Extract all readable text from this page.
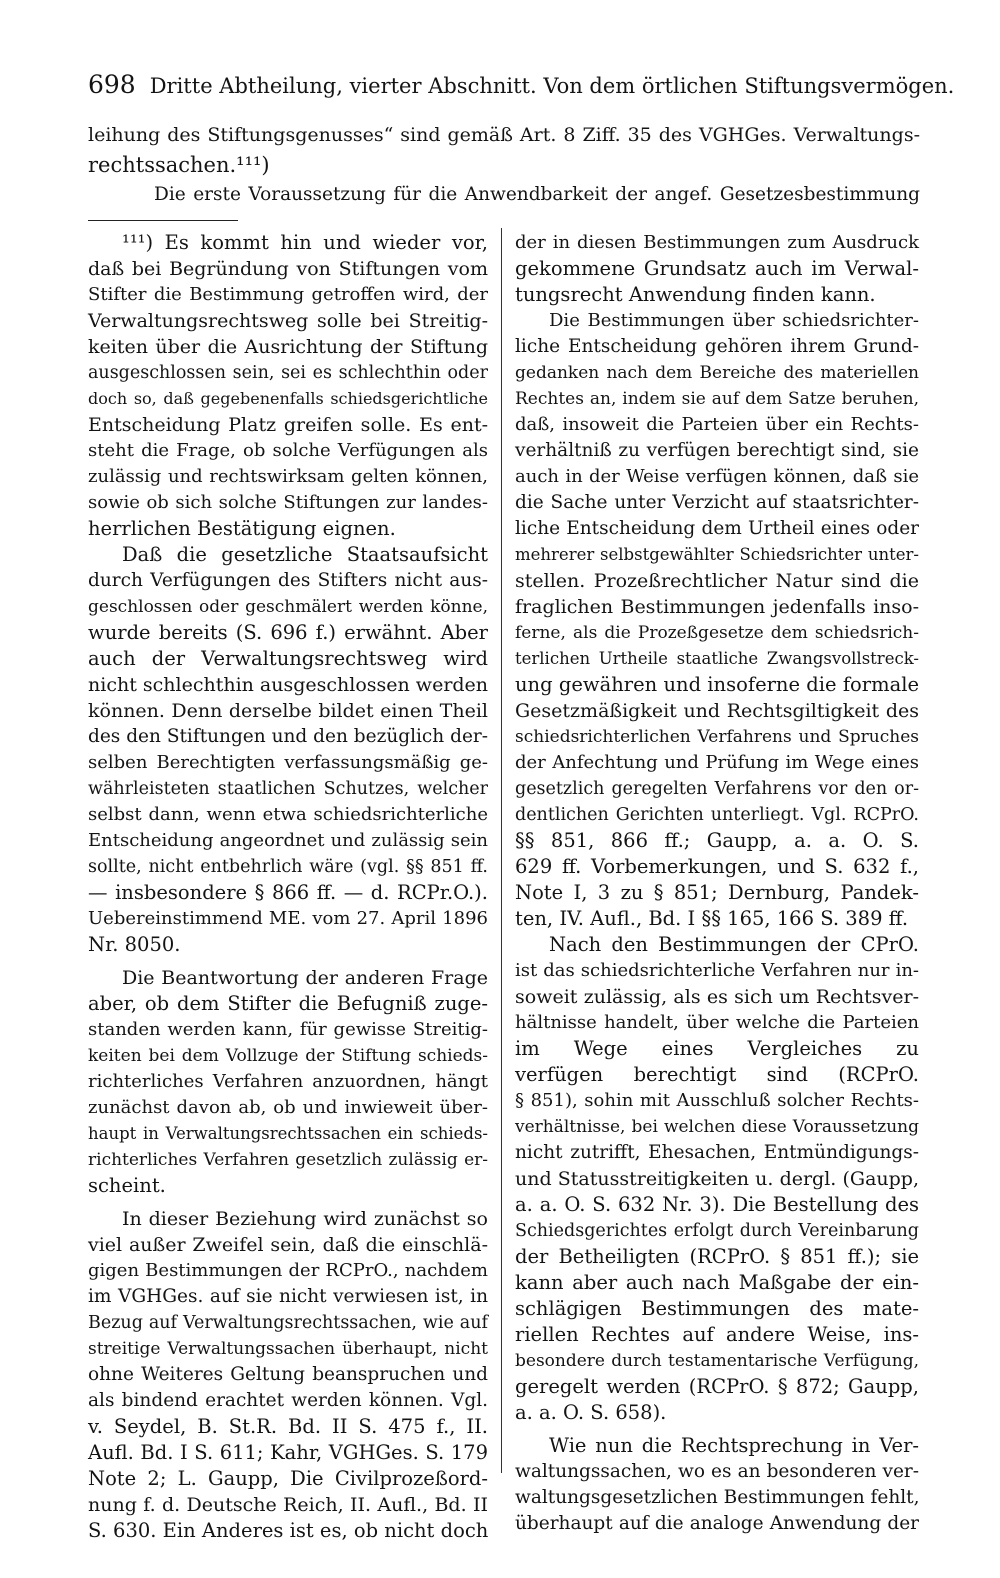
698 Dritte Abtheilung, vierter Abschnitt. Von dem örtlichen Stiftungsvermögen.
leihung des Stiftungsgenusses“ sind gemäß Art. 8 Ziff. 35 des VGHGes. Verwaltungs-
rechtssachen.¹¹¹)
Die erste Voraussetzung für die Anwendbarkeit der angef. Gesetzesbestimmung
¹¹¹) Es kommt hin und wieder vor,
daß bei Begründung von Stiftungen vom
Stifter die Bestimmung getroffen wird, der
Verwaltungsrechtsweg solle bei Streitig-
keiten über die Ausrichtung der Stiftung
ausgeschlossen sein, sei es schlechthin oder
doch so, daß gegebenenfalls schiedsgerichtliche
Entscheidung Platz greifen solle. Es ent-
steht die Frage, ob solche Verfügungen als
zulässig und rechtswirksam gelten können,
sowie ob sich solche Stiftungen zur landes-
herrlichen Bestätigung eignen.
Daß die gesetzliche Staatsaufsicht
durch Verfügungen des Stifters nicht aus-
geschlossen oder geschmälert werden könne,
wurde bereits (S. 696 f.) erwähnt. Aber
auch der Verwaltungsrechtsweg wird
nicht schlechthin ausgeschlossen werden
können. Denn derselbe bildet einen Theil
des den Stiftungen und den bezüglich der-
selben Berechtigten verfassungsmäßig ge-
währleisteten staatlichen Schutzes, welcher
selbst dann, wenn etwa schiedsrichterliche
Entscheidung angeordnet und zulässig sein
sollte, nicht entbehrlich wäre (vgl. §§ 851 ff.
— insbesondere § 866 ff. — d. RCPr.O.).
Uebereinstimmend ME. vom 27. April 1896
Nr. 8050.
Die Beantwortung der anderen Frage
aber, ob dem Stifter die Befugniß zuge-
standen werden kann, für gewisse Streitig-
keiten bei dem Vollzuge der Stiftung schieds-
richterliches Verfahren anzuordnen, hängt
zunächst davon ab, ob und inwieweit über-
haupt in Verwaltungsrechtssachen ein schieds-
richterliches Verfahren gesetzlich zulässig er-
scheint.
In dieser Beziehung wird zunächst so
viel außer Zweifel sein, daß die einschlä-
gigen Bestimmungen der RCPrO., nachdem
im VGHGes. auf sie nicht verwiesen ist, in
Bezug auf Verwaltungsrechtssachen, wie auf
streitige Verwaltungssachen überhaupt, nicht
ohne Weiteres Geltung beanspruchen und
als bindend erachtet werden können. Vgl.
v. Seydel, B. St.R. Bd. II S. 475 f., II.
Aufl. Bd. I S. 611; Kahr, VGHGes. S. 179
Note 2; L. Gaupp, Die Civilprozeßord-
nung f. d. Deutsche Reich, II. Aufl., Bd. II
S. 630. Ein Anderes ist es, ob nicht doch
der in diesen Bestimmungen zum Ausdruck
gekommene Grundsatz auch im Verwal-
tungsrecht Anwendung finden kann.
Die Bestimmungen über schiedsrichter-
liche Entscheidung gehören ihrem Grund-
gedanken nach dem Bereiche des materiellen
Rechtes an, indem sie auf dem Satze beruhen,
daß, insoweit die Parteien über ein Rechts-
verhältniß zu verfügen berechtigt sind, sie
auch in der Weise verfügen können, daß sie
die Sache unter Verzicht auf staatsrichter-
liche Entscheidung dem Urtheil eines oder
mehrerer selbstgewählter Schiedsrichter unter-
stellen. Prozeßrechtlicher Natur sind die
fraglichen Bestimmungen jedenfalls inso-
ferne, als die Prozeßgesetze dem schiedsrich-
terlichen Urtheile staatliche Zwangsvollstreck-
ung gewähren und insoferne die formale
Gesetzmäßigkeit und Rechtsgiltigkeit des
schiedsrichterlichen Verfahrens und Spruches
der Anfechtung und Prüfung im Wege eines
gesetzlich geregelten Verfahrens vor den or-
dentlichen Gerichten unterliegt. Vgl. RCPrO.
§§ 851, 866 ff.; Gaupp, a. a. O. S.
629 ff. Vorbemerkungen, und S. 632 f.,
Note I, 3 zu § 851; Dernburg, Pandek-
ten, IV. Aufl., Bd. I §§ 165, 166 S. 389 ff.
Nach den Bestimmungen der CPrO.
ist das schiedsrichterliche Verfahren nur in-
soweit zulässig, als es sich um Rechtsver-
hältnisse handelt, über welche die Parteien
im Wege eines Vergleiches zu
verfügen berechtigt sind (RCPrO.
§ 851), sohin mit Ausschluß solcher Rechts-
verhältnisse, bei welchen diese Voraussetzung
nicht zutrifft, Ehesachen, Entmündigungs-
und Statusstreitigkeiten u. dergl. (Gaupp,
a. a. O. S. 632 Nr. 3). Die Bestellung des
Schiedsgerichtes erfolgt durch Vereinbarung
der Betheiligten (RCPrO. § 851 ff.); sie
kann aber auch nach Maßgabe der ein-
schlägigen Bestimmungen des mate-
riellen Rechtes auf andere Weise, ins-
besondere durch testamentarische Verfügung,
geregelt werden (RCPrO. § 872; Gaupp,
a. a. O. S. 658).
Wie nun die Rechtsprechung in Ver-
waltungssachen, wo es an besonderen ver-
waltungsgesetzlichen Bestimmungen fehlt,
überhaupt auf die analoge Anwendung der
